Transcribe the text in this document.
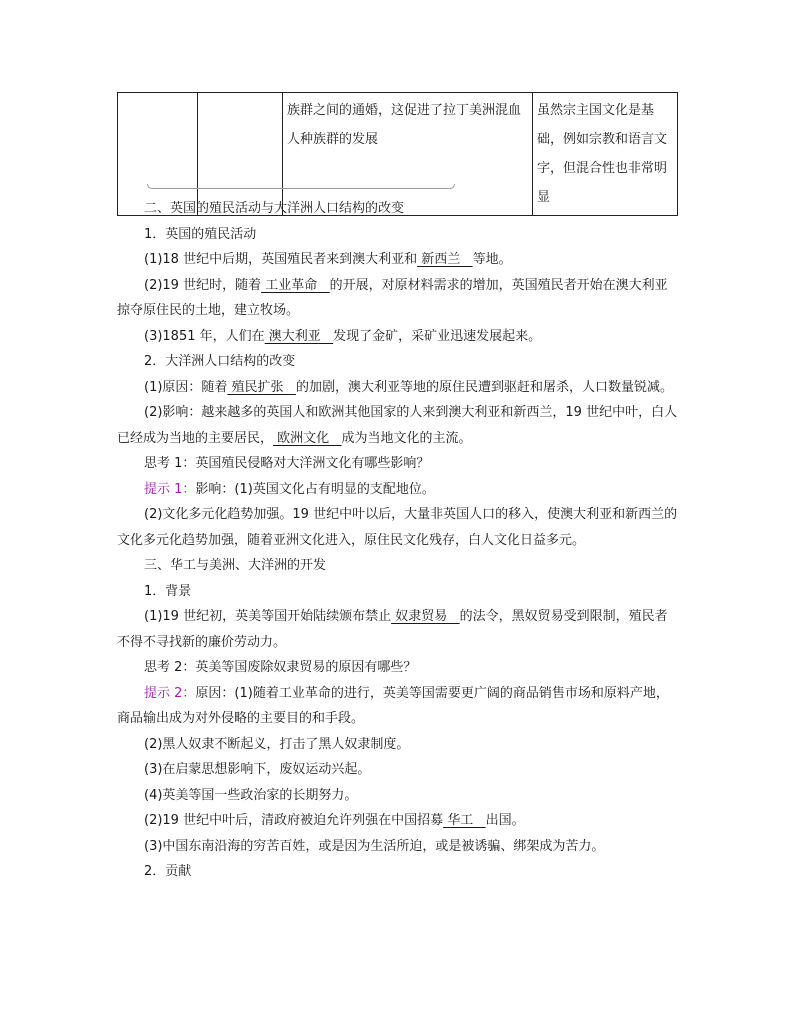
		族群之间的通婚，这促进了拉丁美洲混血人种族群的发展	虽然宗主国文化是基础，例如宗教和语言文字，但混合性也非常明显

二、英国的殖民活动与大洋洲人口结构的改变

1．英国的殖民活动

(1)18 世纪中后期，英国殖民者来到澳大利亚和 新西兰   等地。

(2)19 世纪时，随着 工业革命   的开展，对原材料需求的增加，英国殖民者开始在澳大利亚掠夺原住民的土地，建立牧场。

(3)1851 年，人们在 澳大利亚   发现了金矿，采矿业迅速发展起来。

2．大洋洲人口结构的改变

(1)原因：随着 殖民扩张   的加剧，澳大利亚等地的原住民遭到驱赶和屠杀，人口数量锐减。

(2)影响：越来越多的英国人和欧洲其他国家的人来到澳大利亚和新西兰，19 世纪中叶，白人已经成为当地的主要居民， 欧洲文化   成为当地文化的主流。

思考 1：英国殖民侵略对大洋洲文化有哪些影响？

提示 1：影响：(1)英国文化占有明显的支配地位。

(2)文化多元化趋势加强。19 世纪中叶以后，大量非英国人口的移入，使澳大利亚和新西兰的文化多元化趋势加强，随着亚洲文化进入，原住民文化残存，白人文化日益多元。

三、华工与美洲、大洋洲的开发

1．背景

(1)19 世纪初，英美等国开始陆续颁布禁止 奴隶贸易   的法令，黑奴贸易受到限制，殖民者不得不寻找新的廉价劳动力。

思考 2：英美等国废除奴隶贸易的原因有哪些？

提示 2：原因：(1)随着工业革命的进行，英美等国需要更广阔的商品销售市场和原料产地，商品输出成为对外侵略的主要目的和手段。

(2)黑人奴隶不断起义，打击了黑人奴隶制度。

(3)在启蒙思想影响下，废奴运动兴起。

(4)英美等国一些政治家的长期努力。

(2)19 世纪中叶后，清政府被迫允许列强在中国招募 华工   出国。

(3)中国东南沿海的穷苦百姓，或是因为生活所迫，或是被诱骗、绑架成为苦力。

2．贡献
